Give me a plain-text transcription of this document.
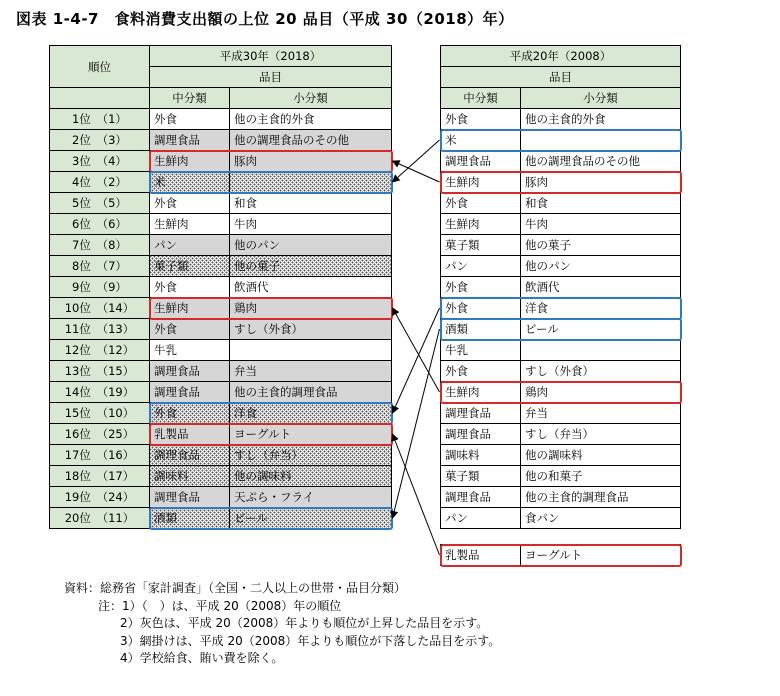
図表 1-4-7　食料消費支出額の上位 20 品目（平成 30（2018）年）
順位	平成30年（2018）	
	品目	
	中分類	小分類
1位　（1）	外食	他の主食的外食
2位　（3）	調理食品	他の調理食品のその他
3位　（4）	生鮮肉	豚肉
4位　（2）	米	
5位　（5）	外食	和食
6位　（6）	生鮮肉	牛肉
7位　（8）	パン	他のパン
8位　（7）	菓子類	他の菓子
9位　（9）	外食	飲酒代
10位　（14）	生鮮肉	鶏肉
11位　（13）	外食	すし（外食）
12位　（12）	牛乳	
13位　（15）	調理食品	弁当
14位　（19）	調理食品	他の主食的調理食品
15位　（10）	外食	洋食
16位　（25）	乳製品	ヨーグルト
17位　（16）	調理食品	すし（弁当）
18位　（17）	調味料	他の調味料
19位　（24）	調理食品	天ぷら・フライ
20位　（11）	酒類	ビール
平成20年（2008）	
品目	
中分類	小分類
外食	他の主食的外食
米	
調理食品	他の調理食品のその他
生鮮肉	豚肉
外食	和食
生鮮肉	牛肉
菓子類	他の菓子
パン	他のパン
外食	飲酒代
外食	洋食
酒類	ビール
牛乳	
外食	すし（外食）
生鮮肉	鶏肉
調理食品	弁当
調理食品	すし（弁当）
調味料	他の調味料
菓子類	他の和菓子
調理食品	他の主食的調理食品
パン	食パン
乳製品	ヨーグルト
資料：総務省「家計調査」（全国・二人以上の世帯・品目分類）
注：1）（　）は、平成 20（2008）年の順位
2）灰色は、平成 20（2008）年よりも順位が上昇した品目を示す。
3）網掛けは、平成 20（2008）年よりも順位が下落した品目を示す。
4）学校給食、賄い費を除く。
